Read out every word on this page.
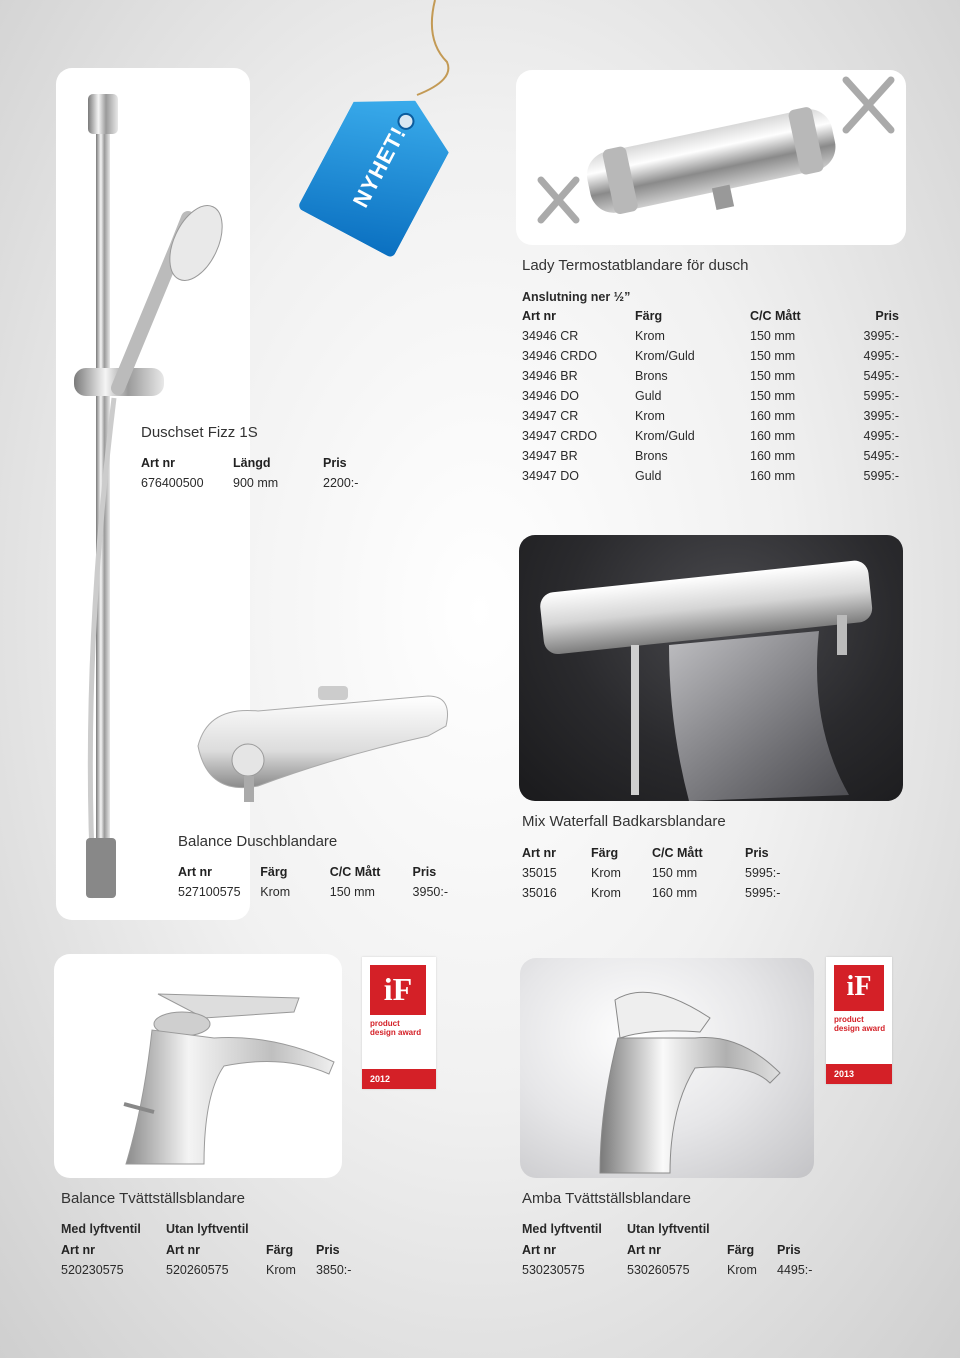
NYHET!
Lady Termostatblandare för dusch
Anslutning ner ½”
Art nr	Färg	C/C Mått	Pris
34946 CR	Krom	150 mm	3995:-
34946 CRDO	Krom/Guld	150 mm	4995:-
34946 BR	Brons	150 mm	5495:-
34946 DO	Guld	150 mm	5995:-
34947 CR	Krom	160 mm	3995:-
34947 CRDO	Krom/Guld	160 mm	4995:-
34947 BR	Brons	160 mm	5495:-
34947 DO	Guld	160 mm	5995:-
Duschset Fizz 1S
Art nr	Längd	Pris
676400500	900 mm	2200:-
Balance Duschblandare
Art nr	Färg	C/C Mått	Pris
527100575	Krom	150 mm	3950:-
Mix Waterfall Badkarsblandare
Art nr	Färg	C/C Mått	Pris
35015	Krom	150 mm	5995:-
35016	Krom	160 mm	5995:-
iF
product
design award
2012
iF
product
design award
2013
Balance Tvättställsblandare
Med lyftventil Utan lyftventil
Art nr	Art nr	Färg	Pris
520230575	520260575	Krom	3850:-
Amba Tvättställsblandare
Med lyftventil Utan lyftventil
Art nr	Art nr	Färg	Pris
530230575	530260575	Krom	4495:-
